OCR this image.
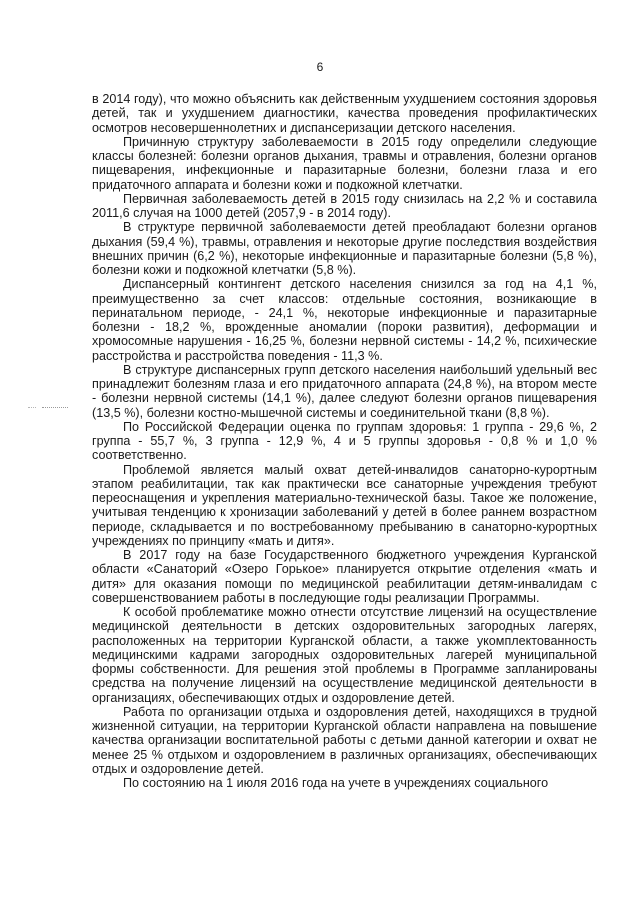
6

в 2014 году), что можно объяснить как действенным ухудшением состояния здоровья детей, так и ухудшением диагностики, качества проведения профилактических осмотров несовершеннолетних и диспансеризации детского населения.

Причинную структуру заболеваемости в 2015 году определили следующие классы болезней: болезни органов дыхания, травмы и отравления, болезни органов пищеварения, инфекционные и паразитарные болезни, болезни глаза и его придаточного аппарата и болезни кожи и подкожной клетчатки.

Первичная заболеваемость детей в 2015 году снизилась на 2,2 % и составила 2011,6 случая на 1000 детей (2057,9 - в 2014 году).

В структуре первичной заболеваемости детей преобладают болезни органов дыхания (59,4 %), травмы, отравления и некоторые другие последствия воздействия внешних причин (6,2 %), некоторые инфекционные и паразитарные болезни (5,8 %), болезни кожи и подкожной клетчатки (5,8 %).

Диспансерный контингент детского населения снизился за год на 4,1 %, преимущественно за счет классов: отдельные состояния, возникающие в перинатальном периоде, - 24,1 %, некоторые инфекционные и паразитарные болезни - 18,2 %, врожденные аномалии (пороки развития), деформации и хромосомные нарушения - 16,25 %, болезни нервной системы - 14,2 %, психические расстройства и расстройства поведения - 11,3 %.

В структуре диспансерных групп детского населения наибольший удельный вес принадлежит болезням глаза и его придаточного аппарата (24,8 %), на втором месте - болезни нервной системы (14,1 %), далее следуют болезни органов пищеварения (13,5 %), болезни костно-мышечной системы и соединительной ткани (8,8 %).

По Российской Федерации оценка по группам здоровья: 1 группа - 29,6 %, 2 группа - 55,7 %, 3 группа - 12,9 %, 4 и 5 группы здоровья - 0,8 % и 1,0 % соответственно.

Проблемой является малый охват детей-инвалидов санаторно-курортным этапом реабилитации, так как практически все санаторные учреждения требуют переоснащения и укрепления материально-технической базы. Такое же положение, учитывая тенденцию к хронизации заболеваний у детей в более раннем возрастном периоде, складывается и по востребованному пребыванию в санаторно-курортных учреждениях по принципу «мать и дитя».

В 2017 году на базе Государственного бюджетного учреждения Курганской области «Санаторий «Озеро Горькое» планируется открытие отделения «мать и дитя» для оказания помощи по медицинской реабилитации детям-инвалидам с совершенствованием работы в последующие годы реализации Программы.

К особой проблематике можно отнести отсутствие лицензий на осуществление медицинской деятельности в детских оздоровительных загородных лагерях, расположенных на территории Курганской области, а также укомплектованность медицинскими кадрами загородных оздоровительных лагерей муниципальной формы собственности. Для решения этой проблемы в Программе запланированы средства на получение лицензий на осуществление медицинской деятельности в организациях, обеспечивающих отдых и оздоровление детей.

Работа по организации отдыха и оздоровления детей, находящихся в трудной жизненной ситуации, на территории Курганской области направлена на повышение качества организации воспитательной работы с детьми данной категории и охват не менее 25 % отдыхом и оздоровлением в различных организациях, обеспечивающих отдых и оздоровление детей.

По состоянию на 1 июля 2016 года на учете в учреждениях социального
